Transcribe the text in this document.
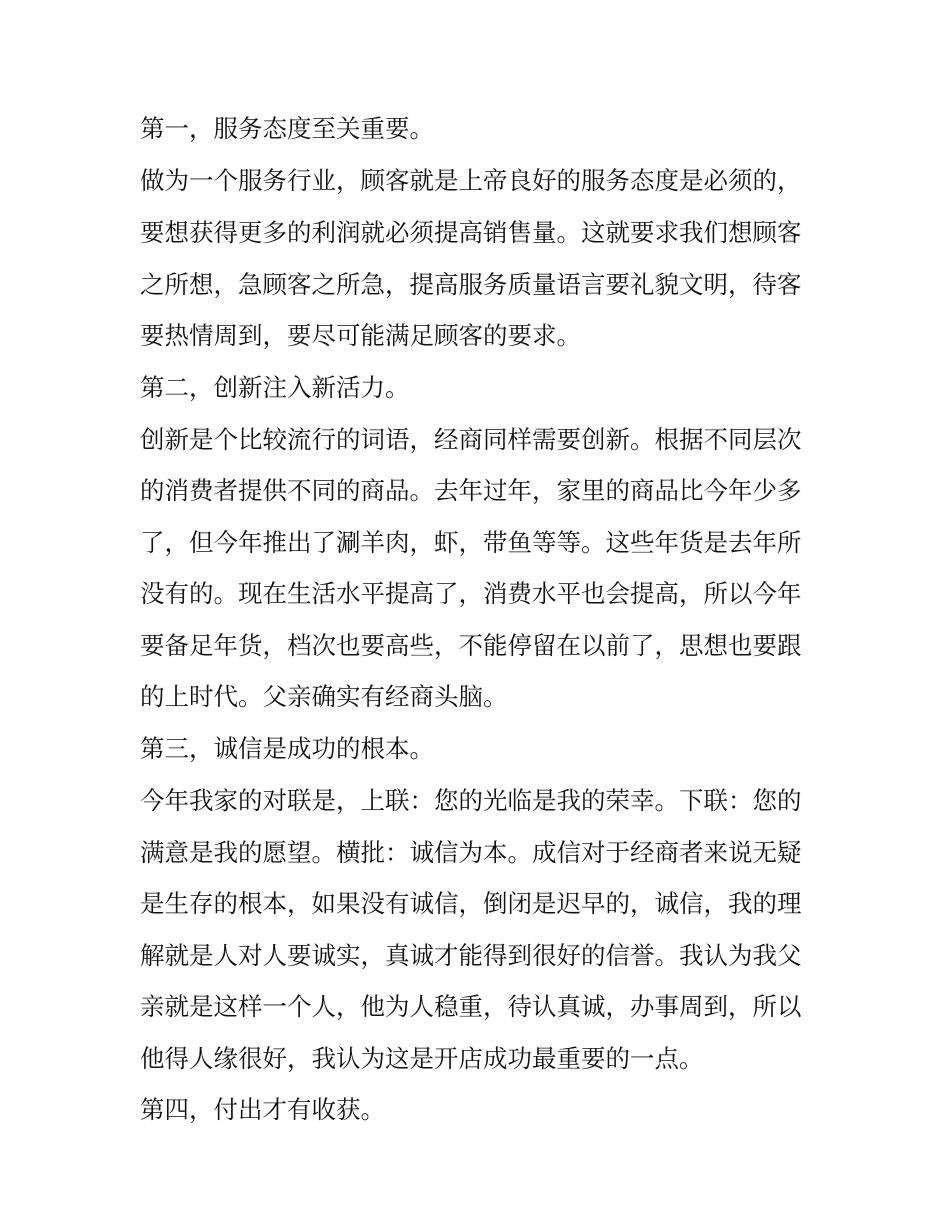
第一，服务态度至关重要。

做为一个服务行业，顾客就是上帝良好的服务态度是必须的，

要想获得更多的利润就必须提高销售量。这就要求我们想顾客

之所想，急顾客之所急，提高服务质量语言要礼貌文明，待客

要热情周到，要尽可能满足顾客的要求。

第二，创新注入新活力。

创新是个比较流行的词语，经商同样需要创新。根据不同层次

的消费者提供不同的商品。去年过年，家里的商品比今年少多

了，但今年推出了涮羊肉，虾，带鱼等等。这些年货是去年所

没有的。现在生活水平提高了，消费水平也会提高，所以今年

要备足年货，档次也要高些，不能停留在以前了，思想也要跟

的上时代。父亲确实有经商头脑。

第三，诚信是成功的根本。

今年我家的对联是，上联：您的光临是我的荣幸。下联：您的

满意是我的愿望。横批：诚信为本。成信对于经商者来说无疑

是生存的根本，如果没有诚信，倒闭是迟早的，诚信，我的理

解就是人对人要诚实，真诚才能得到很好的信誉。我认为我父

亲就是这样一个人，他为人稳重，待认真诚，办事周到，所以

他得人缘很好，我认为这是开店成功最重要的一点。

第四，付出才有收获。
